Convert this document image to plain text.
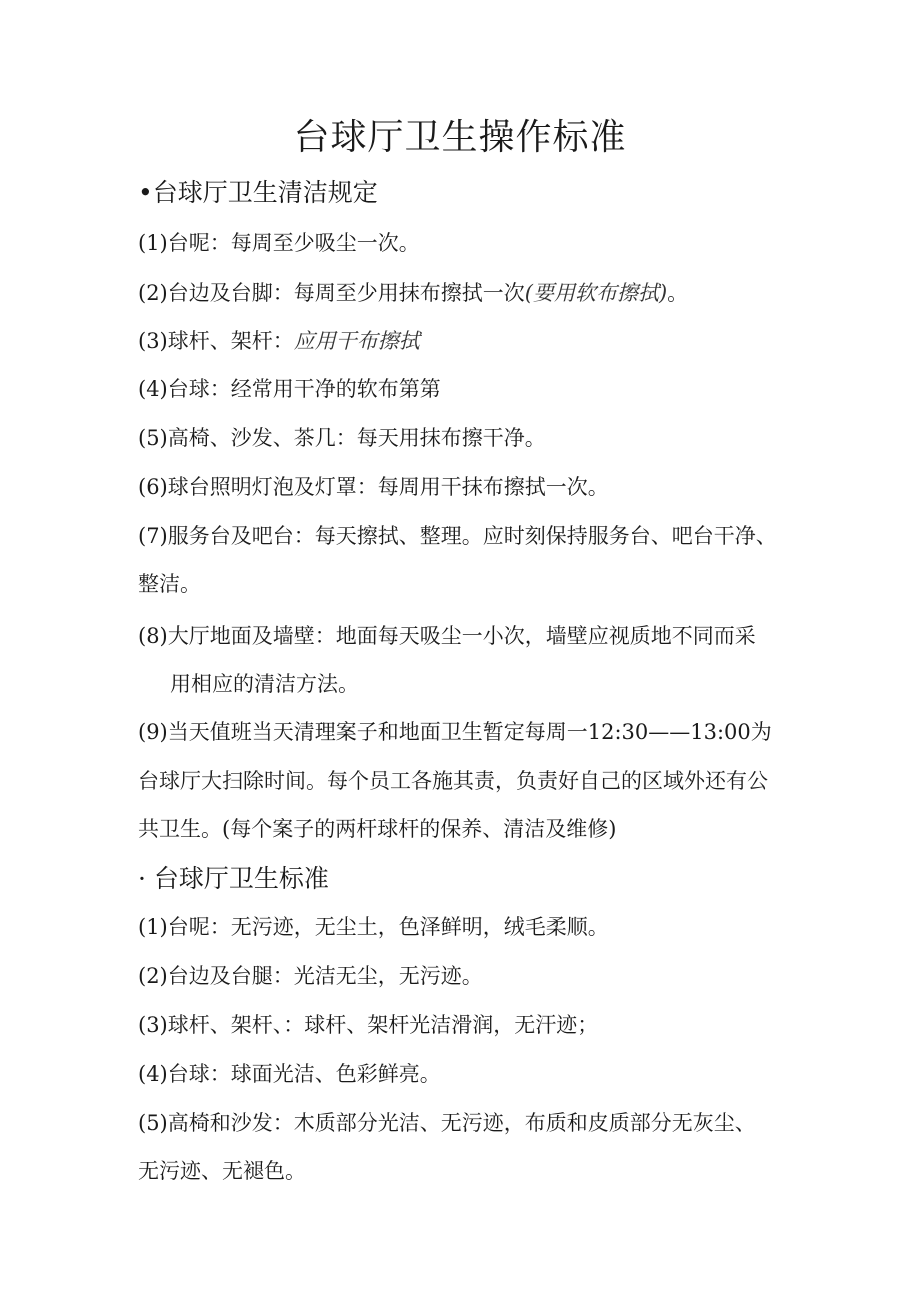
台球厅卫生操作标准
•台球厅卫生清洁规定
(1)台呢：每周至少吸尘一次。
(2)台边及台脚：每周至少用抹布擦拭一次(要用软布擦拭)。
(3)球杆、架杆：应用干布擦拭
(4)台球：经常用干净的软布第第
(5)高椅、沙发、茶几：每天用抹布擦干净。
(6)球台照明灯泡及灯罩：每周用干抹布擦拭一次。
(7)服务台及吧台：每天擦拭、整理。应时刻保持服务台、吧台干净、
整洁。
(8)大厅地面及墙壁：地面每天吸尘一小次，墙壁应视质地不同而采
用相应的清洁方法。
(9)当天值班当天清理案子和地面卫生暂定每周一12:30——13:00为
台球厅大扫除时间。每个员工各施其责，负责好自己的区域外还有公
共卫生。(每个案子的两杆球杆的保养、清洁及维修)
· 台球厅卫生标准
(1)台呢：无污迹，无尘土，色泽鲜明，绒毛柔顺。
(2)台边及台腿：光洁无尘，无污迹。
(3)球杆、架杆、：球杆、架杆光洁滑润，无汗迹；
(4)台球：球面光洁、色彩鲜亮。
(5)高椅和沙发：木质部分光洁、无污迹，布质和皮质部分无灰尘、
无污迹、无褪色。
